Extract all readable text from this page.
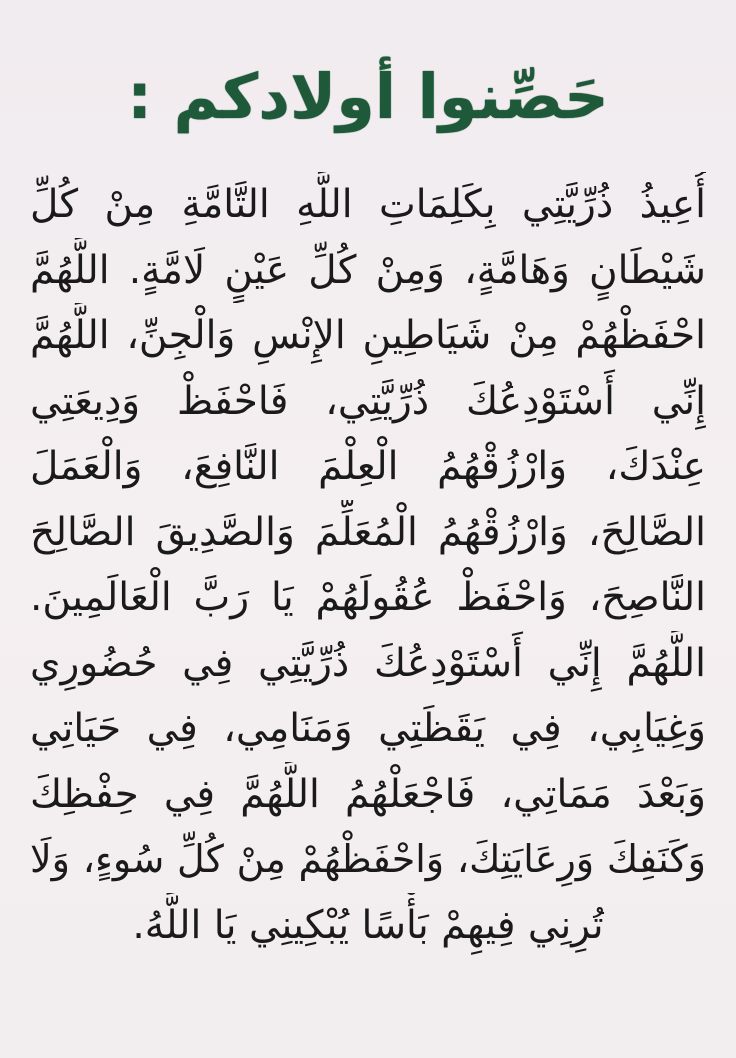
حَصِّنوا أولادكم :
أُعِيذُ ذُرِّيَّتِي بِكَلِمَاتِ اللَّهِ التَّامَّةِ مِنْ كُلِّ
شَيْطَانٍ وَهَامَّةٍ، وَمِنْ كُلِّ عَيْنٍ لَامَّةٍ. اللَّهُمَّ
احْفَظْهُمْ مِنْ شَيَاطِينِ الإِنْسِ وَالْجِنِّ، اللَّهُمَّ
إِنِّي أَسْتَوْدِعُكَ ذُرِّيَّتِي، فَاحْفَظْ وَدِيعَتِي
عِنْدَكَ، وَارْزُقْهُمُ الْعِلْمَ النَّافِعَ، وَالْعَمَلَ
الصَّالِحَ، وَارْزُقْهُمُ الْمُعَلِّمَ وَالصَّدِيقَ الصَّالِحَ
النَّاصِحَ، وَاحْفَظْ عُقُولَهُمْ يَا رَبَّ الْعَالَمِينَ.
اللَّهُمَّ إِنِّي أَسْتَوْدِعُكَ ذُرِّيَّتِي فِي حُضُورِي
وَغِيَابِي، فِي يَقَظَتِي وَمَنَامِي، فِي حَيَاتِي
وَبَعْدَ مَمَاتِي، فَاجْعَلْهُمُ اللَّهُمَّ فِي حِفْظِكَ
وَكَنَفِكَ وَرِعَايَتِكَ، وَاحْفَظْهُمْ مِنْ كُلِّ سُوءٍ، وَلَا
تُرِنِي فِيهِمْ بَأْسًا يُبْكِينِي يَا اللَّهُ.
